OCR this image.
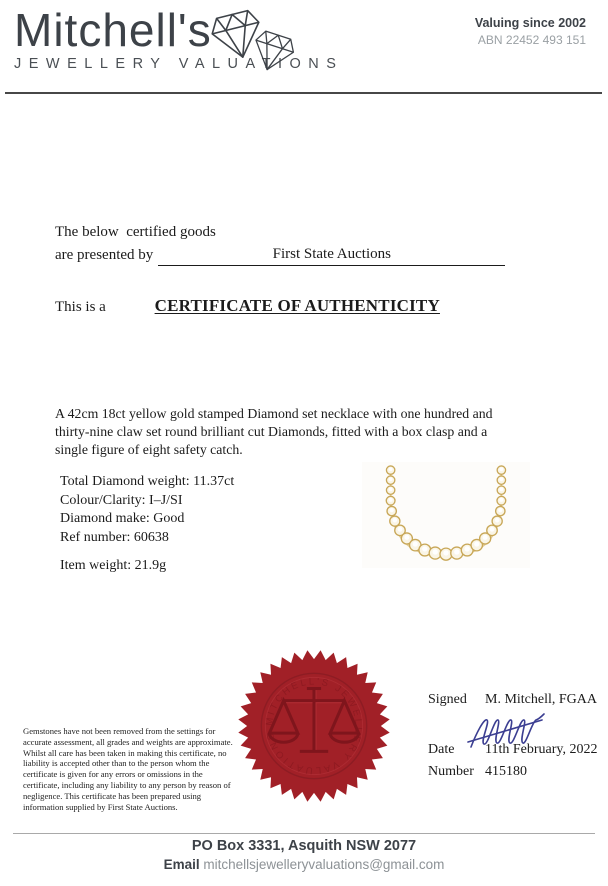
Mitchell's
JEWELLERY VALUATIONS
Valuing since 2002
ABN 22452 493 151
The below  certified goods
are presented by	First State Auctions
This is a	CERTIFICATE OF AUTHENTICITY
A 42cm 18ct yellow gold stamped Diamond set necklace with one hundred and thirty-nine claw set round brilliant cut Diamonds, fitted with a box clasp and a single figure of eight safety catch.
Total Diamond weight: 11.37ct
Colour/Clarity: I–J/SI
Diamond make: Good
Ref number: 60638
Item weight: 21.9g
Gemstones have not been removed from the settings for accurate assessment, all grades and weights are approximate. Whilst all care has been taken in making this certificate, no liability is accepted other than to the person whom the certificate is given for any errors or omissions in the certificate, including any liability to any person by reason of negligence. This certificate has been prepared using information supplied by First State Auctions.
MITCHELL'S JEWELLERY VALUATIONS
Signed	M. Mitchell, FGAA
Date	11th February, 2022
Number 415180
PO Box 3331, Asquith NSW 2077
Email mitchellsjewelleryvaluations@gmail.com
